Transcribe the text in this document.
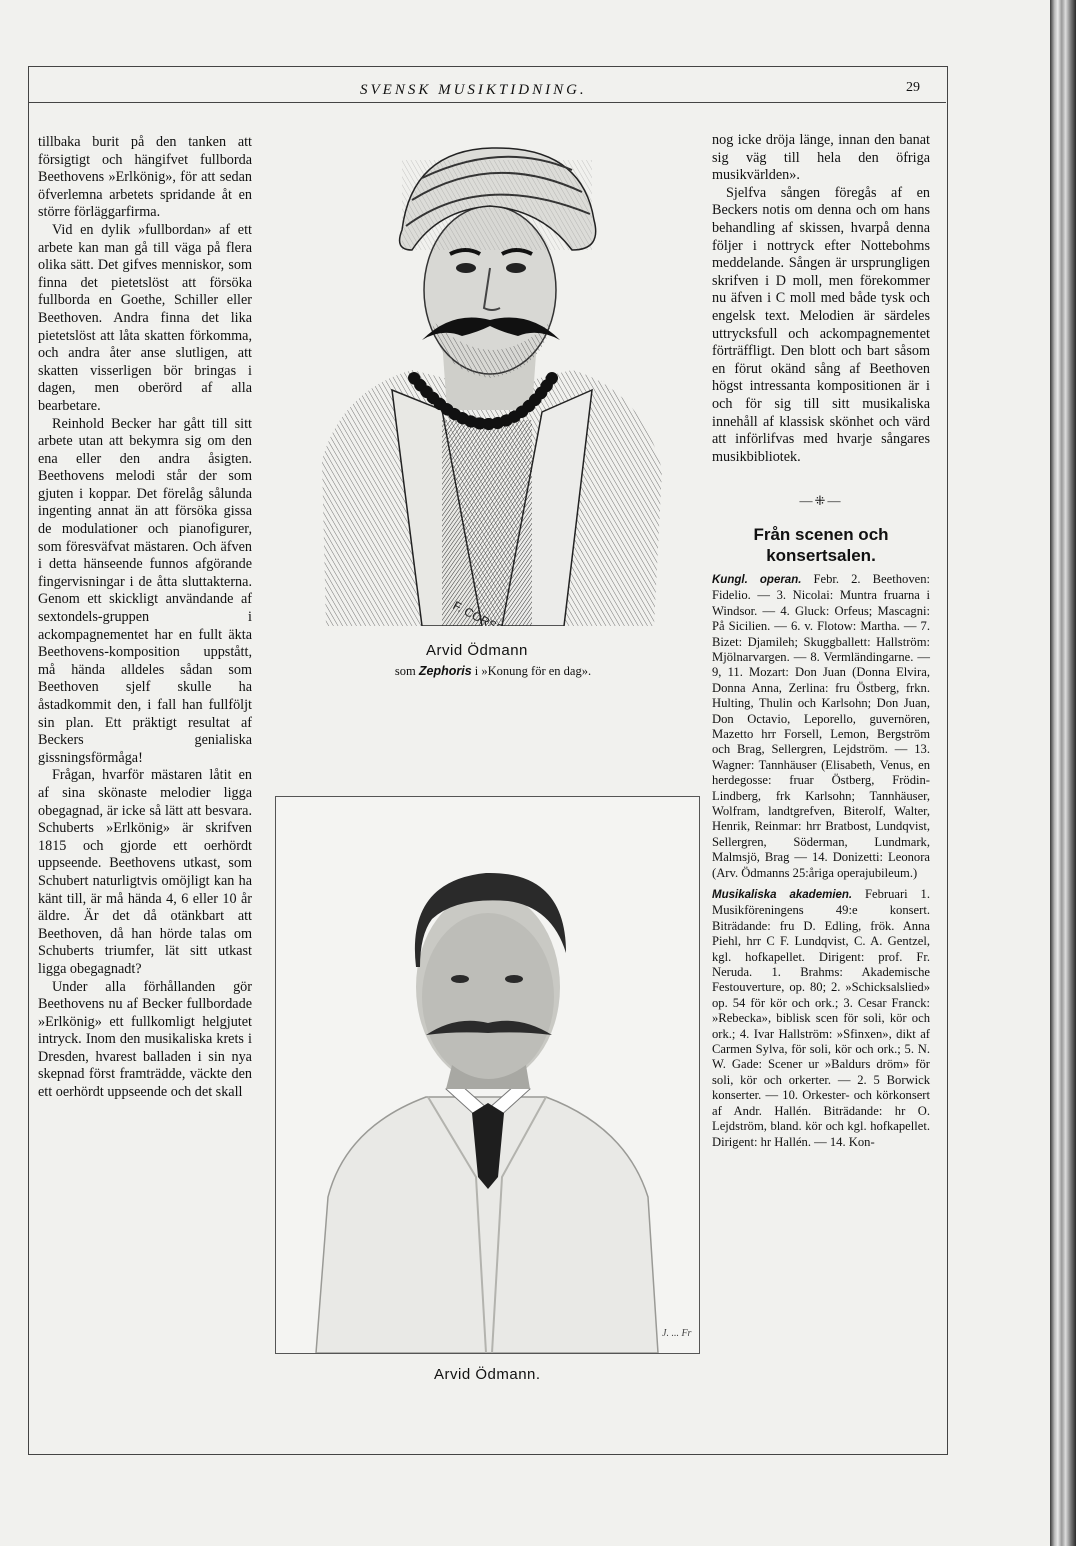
SVENSK MUSIKTIDNING.	29

tillbaka burit på den tanken att försigtigt och hängifvet fullborda Beethovens »Erlkönig», för att sedan öfverlemna arbetets spridande åt en större förläggarfirma.

Vid en dylik »fullbordan» af ett arbete kan man gå till väga på flera olika sätt. Det gifves menniskor, som finna det pietetslöst att försöka fullborda en Goethe, Schiller eller Beethoven. Andra finna det lika pietetslöst att låta skatten förkomma, och andra åter anse slutligen, att skatten visserligen bör bringas i dagen, men oberörd af alla bearbetare.

Reinhold Becker har gått till sitt arbete utan att bekymra sig om den ena eller den andra åsigten. Beethovens melodi står der som gjuten i koppar. Det förelåg sålunda ingenting annat än att försöka gissa de modulationer och pianofigurer, som föresväfvat mästaren. Och äfven i detta hänseende funnos afgörande fingervisningar i de åtta sluttakterna. Genom ett skickligt användande af sextondels-gruppen i ackompagnementet har en fullt äkta Beethovens-komposition uppstått, må hända alldeles sådan som Beethoven sjelf skulle ha åstadkommit den, i fall han fullföljt sin plan. Ett präktigt resultat af Beckers genialiska gissningsförmåga!

Frågan, hvarför mästaren låtit en af sina skönaste melodier ligga obegagnad, är icke så lätt att besvara. Schuberts »Erlkönig» är skrifven 1815 och gjorde ett oerhördt uppseende. Beethovens utkast, som Schubert naturligtvis omöjligt kan ha känt till, är må hända 4, 6 eller 10 år äldre. Är det då otänkbart att Beethoven, då han hörde talas om Schuberts triumfer, lät sitt utkast ligga obegagnadt?

Under alla förhållanden gör Beethovens nu af Becker fullbordade »Erlkönig» ett fullkomligt helgjutet intryck. Inom den musikaliska krets i Dresden, hvarest balladen i sin nya skepnad först framträdde, väckte den ett oerhördt uppseende och det skall

Arvid Ödmann
som Zephoris i »Konung för en dag».
J. ... Fr
Arvid Ödmann.

nog icke dröja länge, innan den banat sig väg till hela den öfriga musikvärlden».

Sjelfva sången föregås af en Beckers notis om denna och om hans behandling af skissen, hvarpå denna följer i nottryck efter Nottebohms meddelande. Sången är ursprungligen skrifven i D moll, men förekommer nu äfven i C moll med både tysk och engelsk text. Melodien är särdeles uttrycksfull och ackompagnementet förträffligt. Den blott och bart såsom en förut okänd sång af Beethoven högst intressanta kompositionen är i och för sig till sitt musikaliska innehåll af klassisk skönhet och värd att införlifvas med hvarje sångares musikbibliotek.

—⁜—
Från scenen och konsertsalen.

Kungl. operan. Febr. 2. Beethoven: Fidelio. — 3. Nicolai: Muntra fruarna i Windsor. — 4. Gluck: Orfeus; Mascagni: På Sicilien. — 6. v. Flotow: Martha. — 7. Bizet: Djamileh; Skuggballett: Hallström: Mjölnarvargen. — 8. Vermländingarne. — 9, 11. Mozart: Don Juan (Donna Elvira, Donna Anna, Zerlina: fru Östberg, frkn. Hulting, Thulin och Karlsohn; Don Juan, Don Octavio, Leporello, guvernören, Mazetto hrr Forsell, Lemon, Bergström och Brag, Sellergren, Lejdström. — 13. Wagner: Tannhäuser (Elisabeth, Venus, en herdegosse: fruar Östberg, Frödin-Lindberg, frk Karlsohn; Tannhäuser, Wolfram, landtgrefven, Biterolf, Walter, Henrik, Reinmar: hrr Bratbost, Lundqvist, Sellergren, Söderman, Lundmark, Malmsjö, Brag — 14. Donizetti: Leonora (Arv. Ödmanns 25:åriga operajubileum.)

Musikaliska akademien. Februari 1. Musikföreningens 49:e konsert. Biträdande: fru D. Edling, frök. Anna Piehl, hrr C F. Lundqvist, C. A. Gentzel, kgl. hofkapellet. Dirigent: prof. Fr. Neruda. 1. Brahms: Akademische Festouverture, op. 80; 2. »Schicksalslied» op. 54 för kör och ork.; 3. Cesar Franck: »Rebecka», biblisk scen för soli, kör och ork.; 4. Ivar Hallström: »Sfinxen», dikt af Carmen Sylva, för soli, kör och ork.; 5. N. W. Gade: Scener ur »Baldurs dröm» för soli, kör och orkerter. — 2. 5 Borwick konserter. — 10. Orkester- och körkonsert af Andr. Hallén. Biträdande: hr O. Lejdström, bland. kör och kgl. hofkapellet. Dirigent: hr Hallén. — 14. Kon-
